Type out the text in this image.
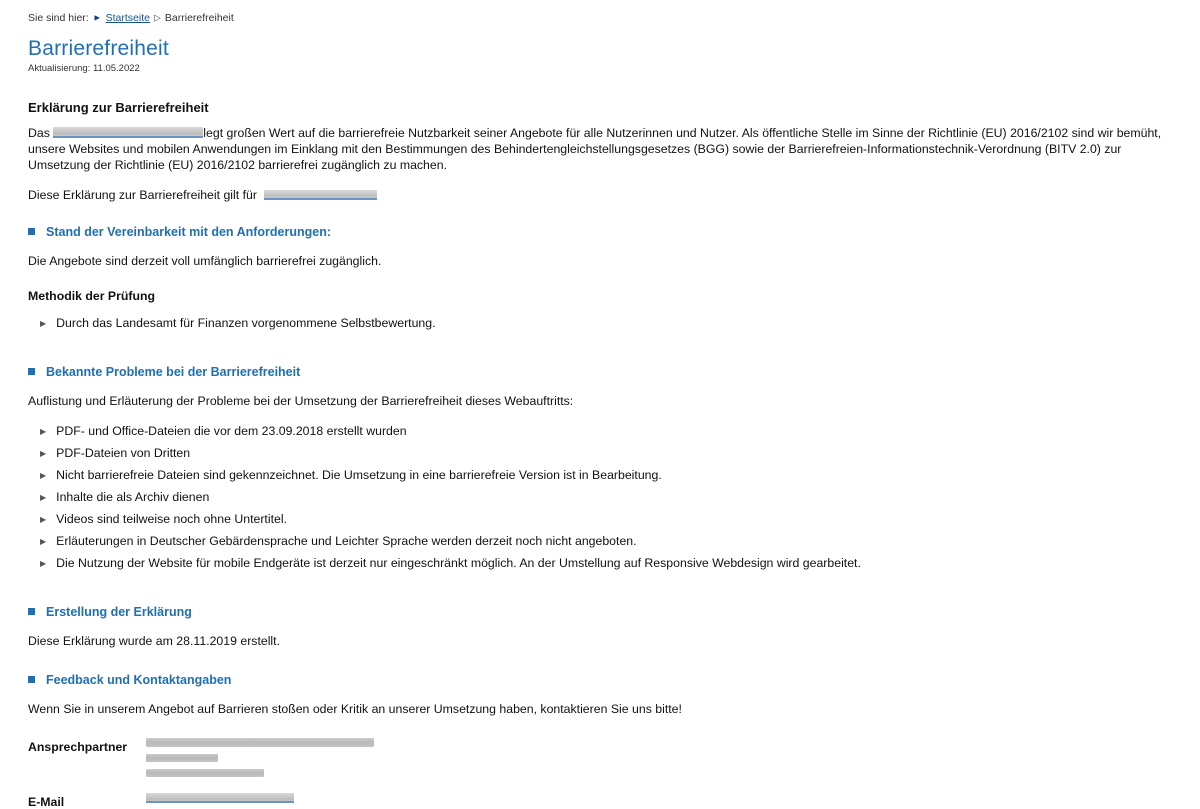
Sie sind hier: ► Startseite ▷ Barrierefreiheit
Barrierefreiheit

Aktualisierung: 11.05.2022

Erklärung zur Barrierefreiheit

Das	legt großen Wert auf die barrierefreie Nutzbarkeit seiner Angebote für alle Nutzerinnen und Nutzer. Als öffentliche Stelle im Sinne der Richtlinie (EU) 2016/2102 sind wir bemüht, unsere Websites und mobilen Anwendungen im Einklang mit den Bestimmungen des Behindertengleichstellungsgesetzes (BGG) sowie der Barrierefreien-Informationstechnik-Verordnung (BITV 2.0) zur Umsetzung der Richtlinie (EU) 2016/2102 barrierefrei zugänglich zu machen.

Diese Erklärung zur Barrierefreiheit gilt für

Stand der Vereinbarkeit mit den Anforderungen:

Die Angebote sind derzeit voll umfänglich barrierefrei zugänglich.

Methodik der Prüfung
▶ Durch das Landesamt für Finanzen vorgenommene Selbstbewertung.
Bekannte Probleme bei der Barrierefreiheit

Auflistung und Erläuterung der Probleme bei der Umsetzung der Barrierefreiheit dieses Webauftritts:

▶ PDF- und Office-Dateien die vor dem 23.09.2018 erstellt wurden
▶ PDF-Dateien von Dritten
▶ Nicht barrierefreie Dateien sind gekennzeichnet. Die Umsetzung in eine barrierefreie Version ist in Bearbeitung.
▶ Inhalte die als Archiv dienen
▶ Videos sind teilweise noch ohne Untertitel.
▶ Erläuterungen in Deutscher Gebärdensprache und Leichter Sprache werden derzeit noch nicht angeboten.
▶ Die Nutzung der Website für mobile Endgeräte ist derzeit nur eingeschränkt möglich. An der Umstellung auf Responsive Webdesign wird gearbeitet.
Erstellung der Erklärung

Diese Erklärung wurde am 28.11.2019 erstellt.

Feedback und Kontaktangaben

Wenn Sie in unserem Angebot auf Barrieren stoßen oder Kritik an unserer Umsetzung haben, kontaktieren Sie uns bitte!

Ansprechpartner
E-Mail
